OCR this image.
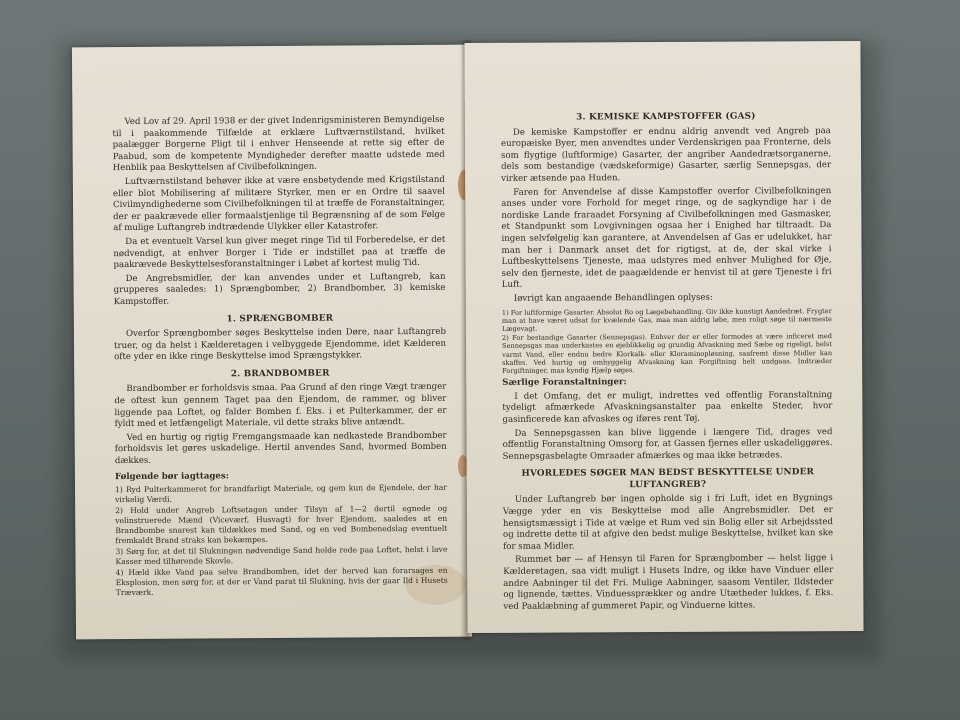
Ved Lov af 29. April 1938 er der givet Indenrigsministeren Bemyndigelse til i paakommende Tilfælde at erklære Luftværnstilstand, hvilket paalægger Borgerne Pligt til i enhver Henseende at rette sig efter de Paabud, som de kompetente Myndigheder derefter maatte udstede med Henblik paa Beskyttelsen af Civilbefolkningen.

Luftværnstilstand behøver ikke at være ensbetydende med Krigstilstand eller blot Mobilisering af militære Styrker, men er en Ordre til saavel Civilmyndighederne som Civilbefolkningen til at træffe de Foranstaltninger, der er paakrævede eller formaalstjenlige til Begrænsning af de som Følge af mulige Luftangreb indtrædende Ulykker eller Katastrofer.

Da et eventuelt Varsel kun giver meget ringe Tid til Forberedelse, er det nødvendigt, at enhver Borger i Tide er indstillet paa at træffe de paakrævede Beskyttelsesforanstaltninger i Løbet af kortest mulig Tid.

De Angrebsmidler, der kan anvendes under et Luftangreb, kan grupperes saaledes: 1) Sprængbomber, 2) Brandbomber, 3) kemiske Kampstoffer.

1. SPRÆNGBOMBER

Overfor Sprængbomber søges Beskyttelse inden Døre, naar Luftangreb truer, og da helst i Kælderetagen i velbyggede Ejendomme, idet Kælderen ofte yder en ikke ringe Beskyttelse imod Sprængstykker.

2. BRANDBOMBER

Brandbomber er forholdsvis smaa. Paa Grund af den ringe Vægt trænger de oftest kun gennem Taget paa den Ejendom, de rammer, og bliver liggende paa Loftet, og falder Bomben f. Eks. i et Pulterkammer, der er fyldt med et letfængeligt Materiale, vil dette straks blive antændt.

Ved en hurtig og rigtig Fremgangsmaade kan nedkastede Brandbomber forholdsvis let gøres uskadelige. Hertil anvendes Sand, hvormed Bomben dækkes.

Følgende bør iagttages:

1) Ryd Pulterkammeret for brandfarligt Materiale, og gem kun de Ejendele, der har virkelig Værdi.

2) Hold under Angreb Loftsetagen under Tilsyn af 1—2 dertil egnede og velinstruerede Mænd (Viceværf, Husvagt) for hver Ejendom, saaledes at en Brandbombe snarest kan tildækkes med Sand, og en ved Bombenedslag eventuelt fremkaldt Brand straks kan bekæmpes.

3) Sørg for, at det til Slukningen nødvendige Sand holde rede paa Loftet, helst i lave Kasser med tilhørende Skovle.

4) Hæld ikke Vand paa selve Brandbomben, idet der herved kan forarsages en Eksplosion, men sørg for, at der er Vand parat til Slukning, hvis der gaar Ild i Husets Træværk.

3. KEMISKE KAMPSTOFFER (GAS)

De kemiske Kampstoffer er endnu aldrig anvendt ved Angreb paa europæiske Byer, men anvendtes under Verdenskrigen paa Fronterne, dels som flygtige (luftformige) Gasarter, der angriber Aandedrætsorganerne, dels som bestandige (vædskeformige) Gasarter, særlig Sennepsgas, der virker ætsende paa Huden.

Faren for Anvendelse af disse Kampstoffer overfor Civilbefolkningen anses under vore Forhold for meget ringe, og de sagkyndige har i de nordiske Lande fraraadet Forsyning af Civilbefolkningen med Gasmasker, et Standpunkt som Lovgivningen ogsaa her i Enighed har tiltraadt. Da ingen selvfølgelig kan garantere, at Anvendelsen af Gas er udelukket, har man her i Danmark anset det for rigtigst, at de, der skal virke i Luftbeskyttelsens Tjeneste, maa udstyres med enhver Mulighed for Øje, selv den fjerneste, idet de paagældende er henvist til at gøre Tjeneste i fri Luft.

Iøvrigt kan angaaende Behandlingen oplyses:

1) For luftformige Gasarter. Absolut Ro og Lægebehandling. Giv ikke kunstigt Aandedræt. Frygter man at have været udsat for kvælende Gas, maa man aldrig løbe, men roligt søge til nærmeste Lægevagt.

2) For bestandige Gasarter (Sennepsgas). Enhver der er eller formodes at være inficeret med Sennepsgas maa underkastes en øjeblikkelig og grundig Afvaskning med Sæbe og rigeligt, helst varmt Vand, eller endnu bedre Klorkalk- eller Kloraminopløsning, saafremt disse Midler kan skaffes. Ved hurtig og omhyggelig Afvaskning kan Forgiftning helt undgaas. Indtræder Forgiftninger, maa kyndig Hjælp søges.

Særlige Foranstaltninger:

I det Omfang, det er muligt, indrettes ved offentlig Foranstaltning tydeligt afmærkede Afvaskningsanstalter paa enkelte Steder, hvor gasinficerede kan afvaskes og iføres rent Tøj.

Da Sennepsgassen kan blive liggende i længere Tid, drages ved offentlig Foranstaltning Omsorg for, at Gassen fjernes eller uskadeliggøres. Sennepsgasbelagte Omraader afmærkes og maa ikke betrædes.

HVORLEDES SØGER MAN BEDST BESKYTTELSE UNDER LUFTANGREB?

Under Luftangreb bør ingen opholde sig i fri Luft, idet en Bygnings Vægge yder en vis Beskyttelse mod alle Angrebsmidler. Det er hensigtsmæssigt i Tide at vælge et Rum ved sin Bolig eller sit Arbejdssted og indrette dette til at afgive den bedst mulige Beskyttelse, hvilket kan ske for smaa Midler.

Rummet bør — af Hensyn til Faren for Sprængbomber — helst ligge i Kælderetagen, saa vidt muligt i Husets Indre, og ikke have Vinduer eller andre Aabninger til det Fri. Mulige Aabninger, saasom Ventiler, Ildsteder og lignende, tættes. Vinduessprækker og andre Utætheder lukkes, f. Eks. ved Paaklæbning af gummeret Papir, og Vinduerne kittes.
